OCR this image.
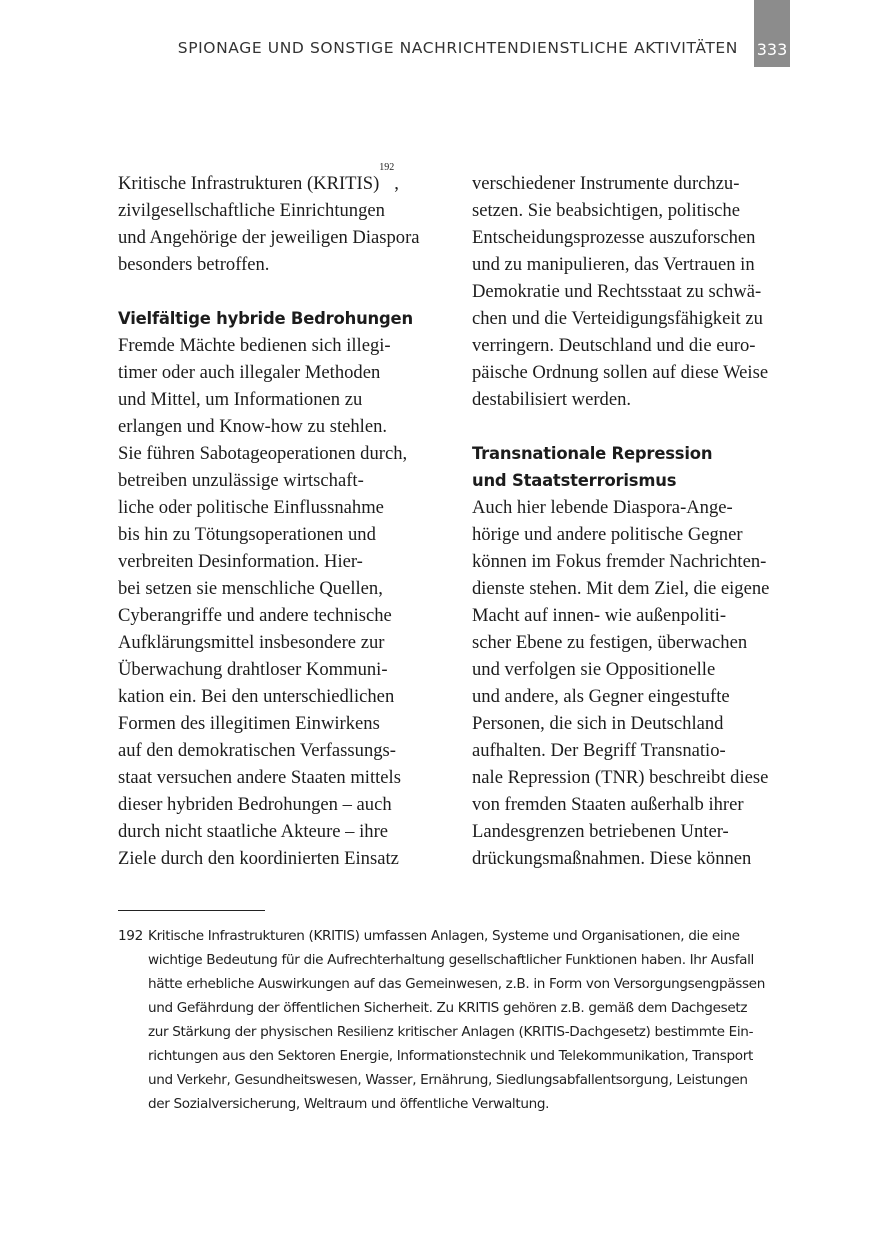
SPIONAGE UND SONSTIGE NACHRICHTENDIENSTLICHE AKTIVITÄTEN 333
Kritische Infrastrukturen (KRITIS)$^{192}$,
zivilgesellschaftliche Einrichtungen
und Angehörige der jeweiligen Diaspora
besonders betroffen.
Vielfältige hybride Bedrohungen
Fremde Mächte bedienen sich illegi-
timer oder auch illegaler Methoden
und Mittel, um Informationen zu
erlangen und Know-how zu stehlen.
Sie führen Sabotageoperationen durch,
betreiben unzulässige wirtschaft-
liche oder politische Einflussnahme
bis hin zu Tötungsoperationen und
verbreiten Desinformation. Hier-
bei setzen sie menschliche Quellen,
Cyberangriffe und andere technische
Aufklärungsmittel insbesondere zur
Überwachung drahtloser Kommuni-
kation ein. Bei den unterschiedlichen
Formen des illegitimen Einwirkens
auf den demokratischen Verfassungs-
staat versuchen andere Staaten mittels
dieser hybriden Bedrohungen – auch
durch nicht staatliche Akteure – ihre
Ziele durch den koordinierten Einsatz
verschiedener Instrumente durchzu-
setzen. Sie beabsichtigen, politische
Entscheidungsprozesse auszuforschen
und zu manipulieren, das Vertrauen in
Demokratie und Rechtsstaat zu schwä-
chen und die Verteidigungsfähigkeit zu
verringern. Deutschland und die euro-
päische Ordnung sollen auf diese Weise
destabilisiert werden.
Transnationale Repression
und Staatsterrorismus
Auch hier lebende Diaspora-Ange-
hörige und andere politische Gegner
können im Fokus fremder Nachrichten-
dienste stehen. Mit dem Ziel, die eigene
Macht auf innen- wie außenpoliti-
scher Ebene zu festigen, überwachen
und verfolgen sie Oppositionelle
und andere, als Gegner eingestufte
Personen, die sich in Deutschland
aufhalten. Der Begriff Transnatio-
nale Repression (TNR) beschreibt diese
von fremden Staaten außerhalb ihrer
Landesgrenzen betriebenen Unter-
drückungsmaßnahmen. Diese können
192 Kritische Infrastrukturen (KRITIS) umfassen Anlagen, Systeme und Organisationen, die eine
wichtige Bedeutung für die Aufrechterhaltung gesellschaftlicher Funktionen haben. Ihr Ausfall
hätte erhebliche Auswirkungen auf das Gemeinwesen, z.B. in Form von Versorgungsengpässen
und Gefährdung der öffentlichen Sicherheit. Zu KRITIS gehören z.B. gemäß dem Dachgesetz
zur Stärkung der physischen Resilienz kritischer Anlagen (KRITIS-Dachgesetz) bestimmte Ein-
richtungen aus den Sektoren Energie, Informationstechnik und Telekommunikation, Transport
und Verkehr, Gesundheitswesen, Wasser, Ernährung, Siedlungsabfallentsorgung, Leistungen
der Sozialversicherung, Weltraum und öffentliche Verwaltung.
